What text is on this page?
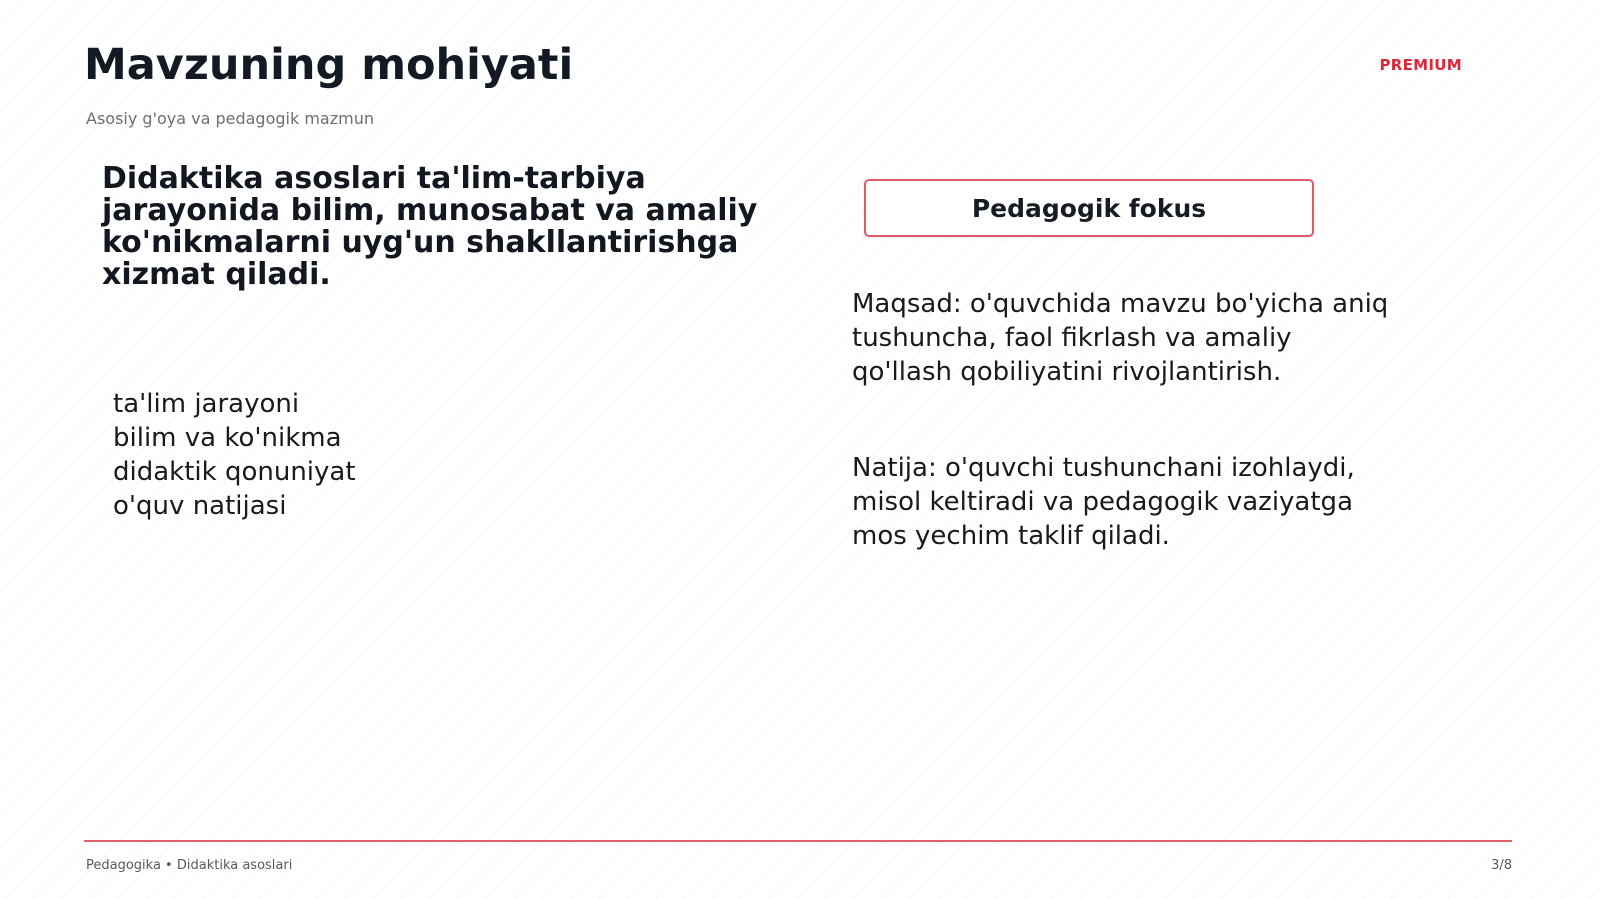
Mavzuning mohiyati
Asosiy g'oya va pedagogik mazmun
PREMIUM
Didaktika asoslari ta'lim-tarbiya jarayonida bilim, munosabat va amaliy ko'nikmalarni uyg'un shakllantirishga xizmat qiladi.
ta'lim jarayoni
bilim va ko'nikma
didaktik qonuniyat
o'quv natijasi
Pedagogik fokus
Maqsad: o'quvchida mavzu bo'yicha aniq tushuncha, faol fikrlash va amaliy qo'llash qobiliyatini rivojlantirish.
Natija: o'quvchi tushunchani izohlaydi, misol keltiradi va pedagogik vaziyatga mos yechim taklif qiladi.
Pedagogika • Didaktika asoslari	3/8
